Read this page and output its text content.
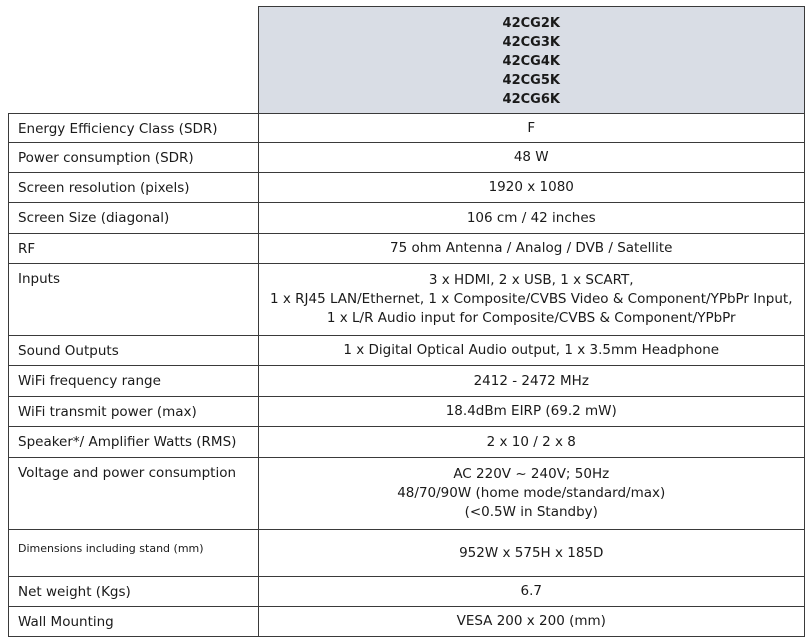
	42CG2K
42CG3K
42CG4K
42CG5K
42CG6K

Energy Efficiency Class (SDR)	F
Power consumption (SDR)	48 W
Screen resolution (pixels)	1920 x 1080
Screen Size (diagonal)	106 cm / 42 inches
RF	75 ohm Antenna / Analog / DVB / Satellite
Inputs	3 x HDMI, 2 x USB, 1 x SCART,
1 x RJ45 LAN/Ethernet, 1 x Composite/CVBS Video & Component/YPbPr Input,
1 x L/R Audio input for Composite/CVBS & Component/YPbPr
Sound Outputs	1 x Digital Optical Audio output, 1 x 3.5mm Headphone
WiFi frequency range	2412 - 2472 MHz
WiFi transmit power (max)	18.4dBm EIRP (69.2 mW)
Speaker*/ Amplifier Watts (RMS)	2 x 10 / 2 x 8
Voltage and power consumption	AC 220V ~ 240V; 50Hz
48/70/90W (home mode/standard/max)
(<0.5W in Standby)
Dimensions including stand (mm)	952W x 575H x 185D
Net weight (Kgs)	6.7
Wall Mounting	VESA 200 x 200 (mm)
